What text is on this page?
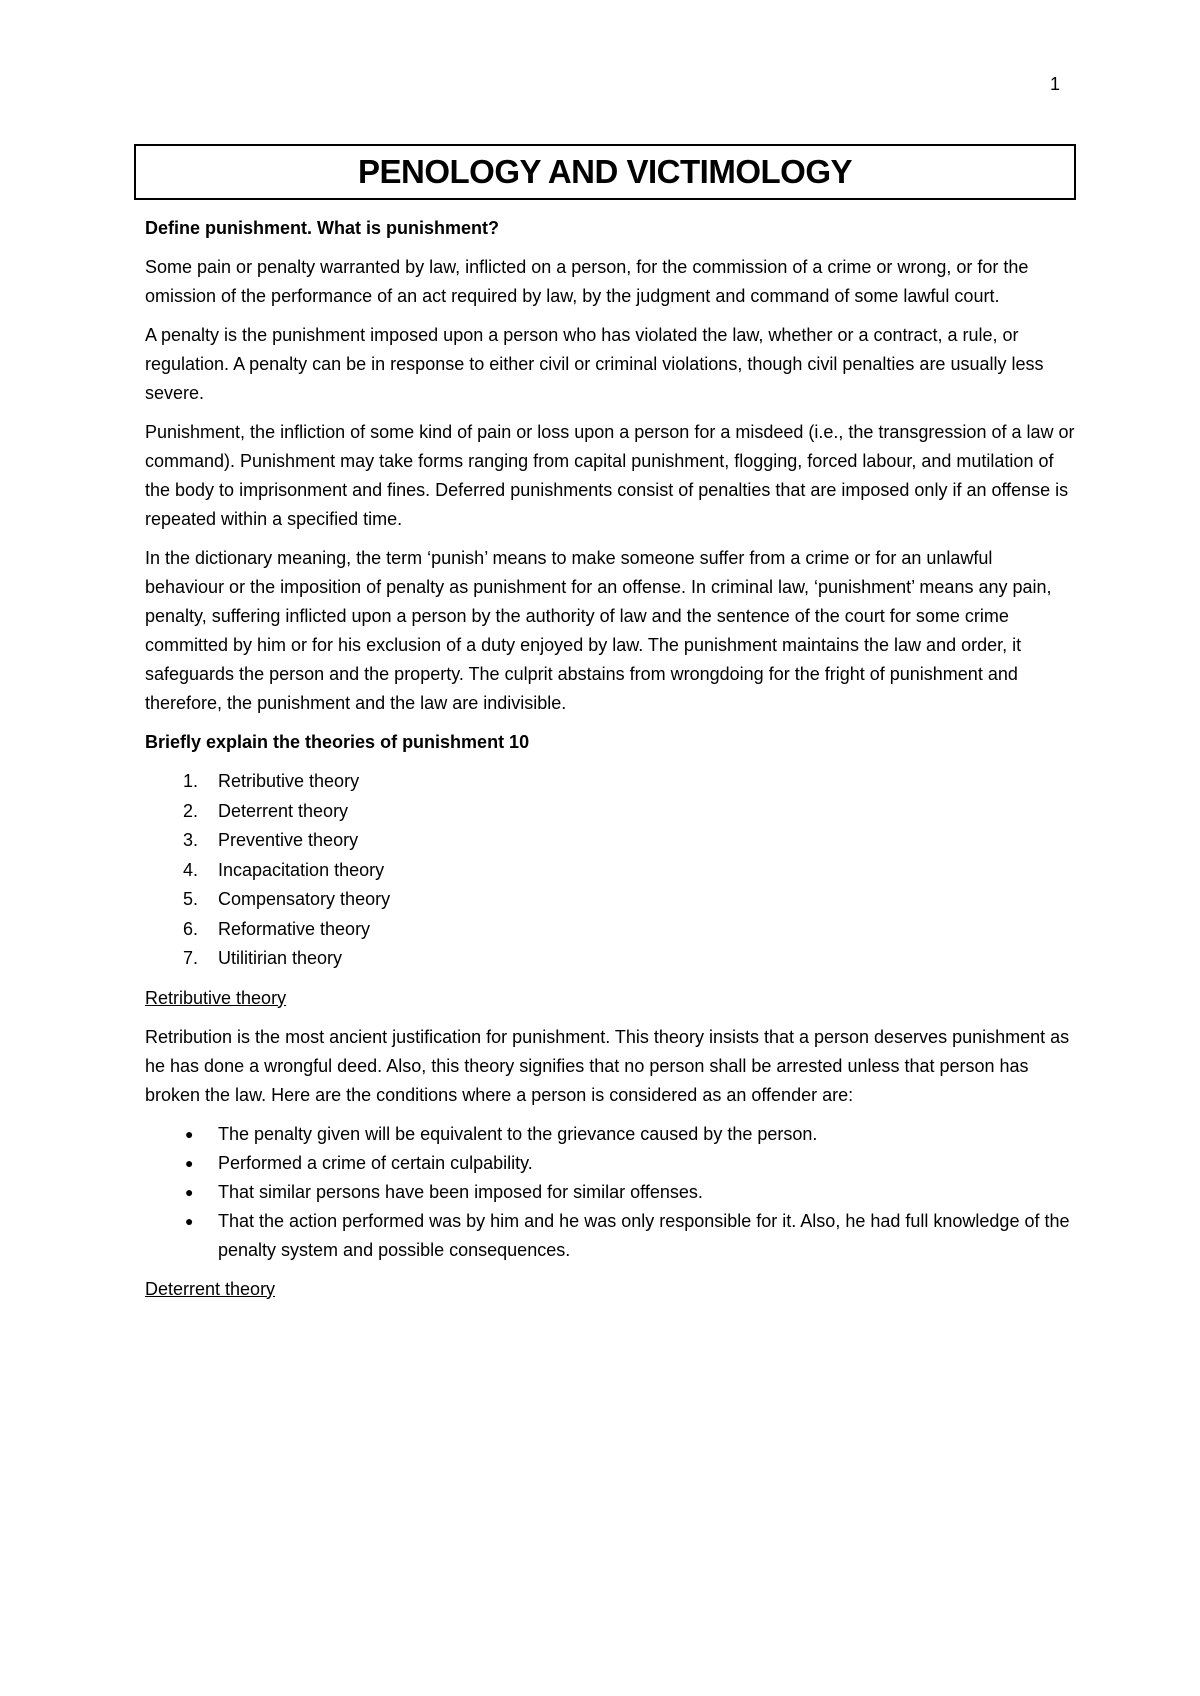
1
PENOLOGY AND VICTIMOLOGY

Define punishment. What is punishment?

Some pain or penalty warranted by law, inflicted on a person, for the commission of a crime or wrong, or for the omission of the performance of an act required by law, by the judgment and command of some lawful court.

A penalty is the punishment imposed upon a person who has violated the law, whether or a contract, a rule, or regulation. A penalty can be in response to either civil or criminal violations, though civil penalties are usually less severe.

Punishment, the infliction of some kind of pain or loss upon a person for a misdeed (i.e., the transgression of a law or command). Punishment may take forms ranging from capital punishment, flogging, forced labour, and mutilation of the body to imprisonment and fines. Deferred punishments consist of penalties that are imposed only if an offense is repeated within a specified time.

In the dictionary meaning, the term ‘punish’ means to make someone suffer from a crime or for an unlawful behaviour or the imposition of penalty as punishment for an offense. In criminal law, ‘punishment’ means any pain, penalty, suffering inflicted upon a person by the authority of law and the sentence of the court for some crime committed by him or for his exclusion of a duty enjoyed by law. The punishment maintains the law and order, it safeguards the person and the property. The culprit abstains from wrongdoing for the fright of punishment and therefore, the punishment and the law are indivisible.

Briefly explain the theories of punishment 10

1.	Retributive theory
2.	Deterrent theory
3.	Preventive theory
4.	Incapacitation theory
5.	Compensatory theory
6.	Reformative theory
7.	Utilitirian theory

Retributive theory

Retribution is the most ancient justification for punishment. This theory insists that a person deserves punishment as he has done a wrongful deed. Also, this theory signifies that no person shall be arrested unless that person has broken the law. Here are the conditions where a person is considered as an offender are:

●	The penalty given will be equivalent to the grievance caused by the person.
●	Performed a crime of certain culpability.
●	That similar persons have been imposed for similar offenses.
●	That the action performed was by him and he was only responsible for it. Also, he had full knowledge of the penalty system and possible consequences.

Deterrent theory
